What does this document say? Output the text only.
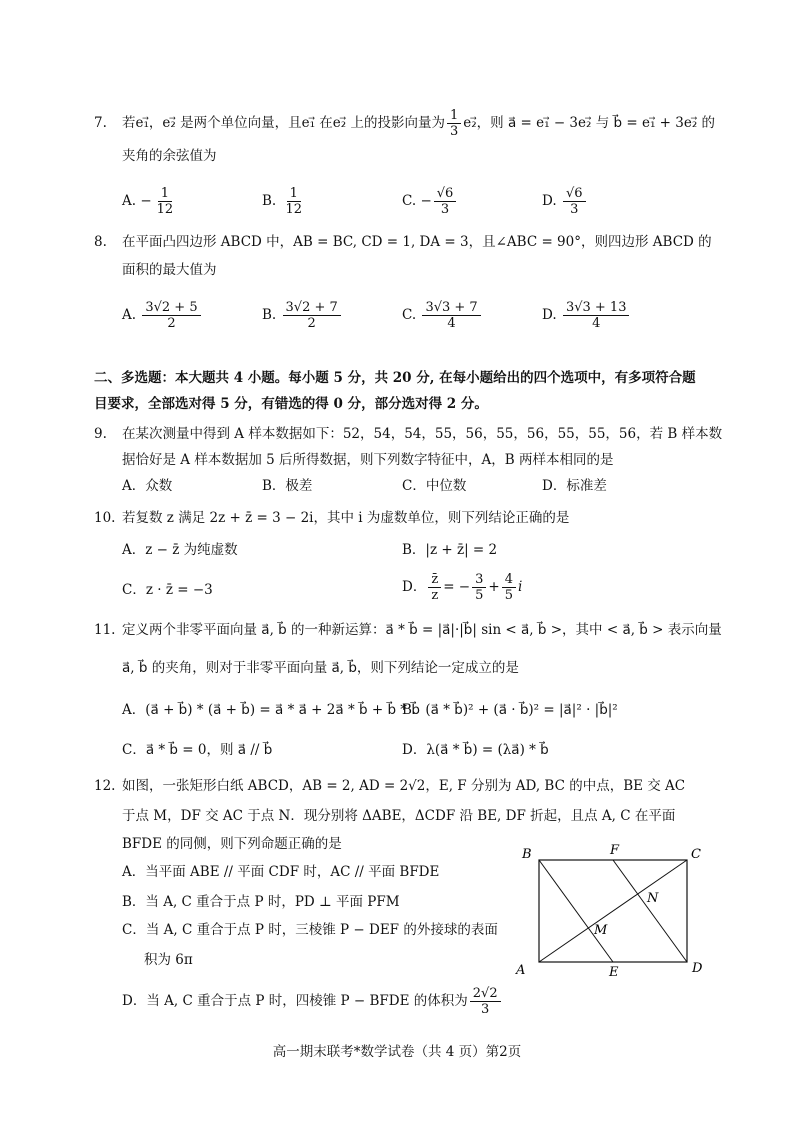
7. 若e₁⃗，e₂⃗ 是两个单位向量，且e₁⃗ 在e₂⃗ 上的投影向量为 $\frac{1}{3}$ e₂⃗，则 a⃗ = e₁⃗ − 3e₂⃗ 与 b⃗ = e₁⃗ + 3e₂⃗ 的
夹角的余弦值为
A. − $\frac{1}{12}$	B. $\frac{1}{12}$	C. − $\frac{√6}{3}$	D. $\frac{√6}{3}$
8. 在平面凸四边形 ABCD 中，AB = BC, CD = 1, DA = 3，且∠ABC = 90°，则四边形 ABCD 的
面积的最大值为
A. $\frac{3√2 + 5}{2}$	B. $\frac{3√2 + 7}{2}$	C. $\frac{3√3 + 7}{4}$	D. $\frac{3√3 + 13}{4}$
二、多选题：本大题共 4 小题。每小题 5 分，共 20 分, 在每小题给出的四个选项中，有多项符合题
目要求，全部选对得 5 分，有错选的得 0 分，部分选对得 2 分。
9. 在某次测量中得到 A 样本数据如下：52，54，54，55，56，55，56，55，55，56，若 B 样本数
据恰好是 A 样本数据加 5 后所得数据，则下列数字特征中，A，B 两样本相同的是
A．众数	B．极差	C．中位数	D．标准差
10. 若复数 z 满足 2z + z̄ = 3 − 2i，其中 i 为虚数单位，则下列结论正确的是
A．z − z̄ 为纯虚数	B．|z + z̄| = 2
C．z · z̄ = −3	D． $\frac{z̄}{z}$ = − $\frac{3}{5} + \frac{4}{5}$ i
11. 定义两个非零平面向量 a⃗, b⃗ 的一种新运算：a⃗ * b⃗ = |a⃗|·|b⃗| sin < a⃗, b⃗ >，其中 < a⃗, b⃗ > 表示向量
a⃗, b⃗ 的夹角，则对于非零平面向量 a⃗, b⃗，则下列结论一定成立的是
A．(a⃗ + b⃗) * (a⃗ + b⃗) = a⃗ * a⃗ + 2a⃗ * b⃗ + b⃗ * b⃗
B．(a⃗ * b⃗)² + (a⃗ · b⃗)² = |a⃗|² · |b⃗|²
C．a⃗ * b⃗ = 0，则 a⃗ // b⃗	D．λ(a⃗ * b⃗) = (λa⃗) * b⃗
12. 如图，一张矩形白纸 ABCD，AB = 2, AD = 2√2，E, F 分别为 AD, BC 的中点，BE 交 AC
于点 M，DF 交 AC 于点 N．现分别将 ΔABE，ΔCDF 沿 BE, DF 折起，且点 A, C 在平面
BFDE 的同侧，则下列命题正确的是
A．当平面 ABE // 平面 CDF 时，AC // 平面 BFDE
B．当 A, C 重合于点 P 时，PD ⊥ 平面 PFM
C．当 A, C 重合于点 P 时，三棱锥 P − DEF 的外接球的表面
积为 6π
D．当 A, C 重合于点 P 时，四棱锥 P − BFDE 的体积为 $\frac{2√2}{3}$
B	F	C
N
M
A	E	D
高一期末联考*数学试卷（共 4 页）第2页
